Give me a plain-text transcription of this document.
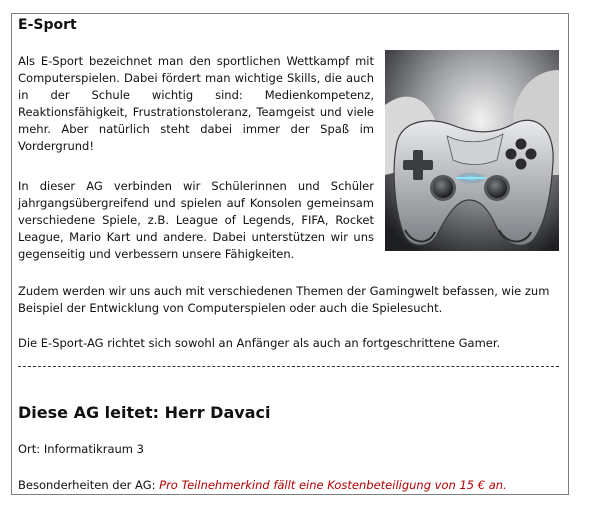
E-Sport

Als E-Sport bezeichnet man den sportlichen Wettkampf mit Computerspielen. Dabei fördert man wichtige Skills, die auch in der Schule wichtig sind: Medienkompetenz, Reaktionsfähigkeit, Frustrationstoleranz, Teamgeist und viele mehr. Aber natürlich steht dabei immer der Spaß im Vordergrund!

In dieser AG verbinden wir Schülerinnen und Schüler jahrgangsübergreifend und spielen auf Konsolen gemeinsam verschiedene Spiele, z.B. League of Legends, FIFA, Rocket League, Mario Kart und andere. Dabei unterstützen wir uns gegenseitig und verbessern unsere Fähigkeiten.

Zudem werden wir uns auch mit verschiedenen Themen der Gamingwelt befassen, wie zum Beispiel der Entwicklung von Computerspielen oder auch die Spielesucht.

Die E-Sport-AG richtet sich sowohl an Anfänger als auch an fortgeschrittene Gamer.

Diese AG leitet: Herr Davaci

Ort: Informatikraum 3

Besonderheiten der AG: Pro Teilnehmerkind fällt eine Kostenbeteiligung von 15 € an.
